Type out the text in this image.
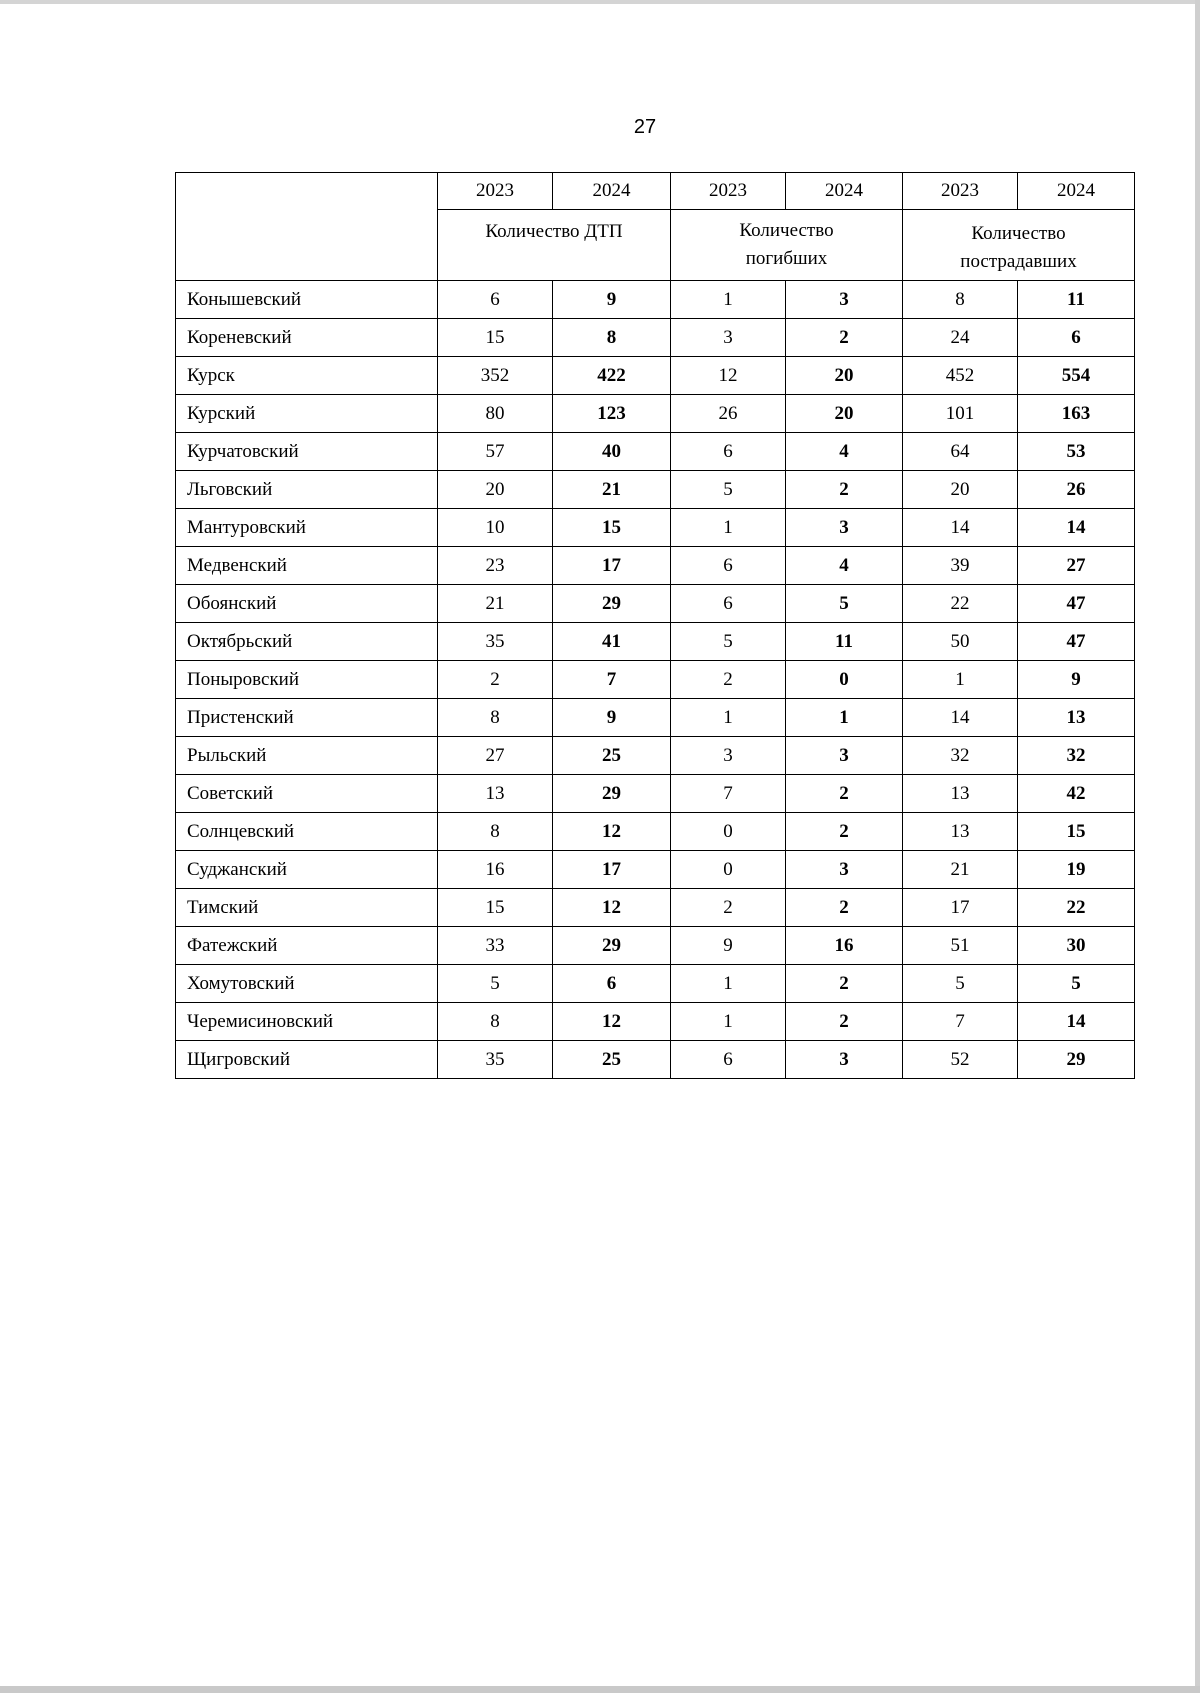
27
	2023	2024	2023	2024	2023	2024
	Количество ДТП		Количество погибших		Количество пострадавших	
Конышевский	6	9	1	3	8	11
Кореневский	15	8	3	2	24	6
Курск	352	422	12	20	452	554
Курский	80	123	26	20	101	163
Курчатовский	57	40	6	4	64	53
Льговский	20	21	5	2	20	26
Мантуровский	10	15	1	3	14	14
Медвенский	23	17	6	4	39	27
Обоянский	21	29	6	5	22	47
Октябрьский	35	41	5	11	50	47
Поныровский	2	7	2	0	1	9
Пристенский	8	9	1	1	14	13
Рыльский	27	25	3	3	32	32
Советский	13	29	7	2	13	42
Солнцевский	8	12	0	2	13	15
Суджанский	16	17	0	3	21	19
Тимский	15	12	2	2	17	22
Фатежский	33	29	9	16	51	30
Хомутовский	5	6	1	2	5	5
Черемисиновский	8	12	1	2	7	14
Щигровский	35	25	6	3	52	29
